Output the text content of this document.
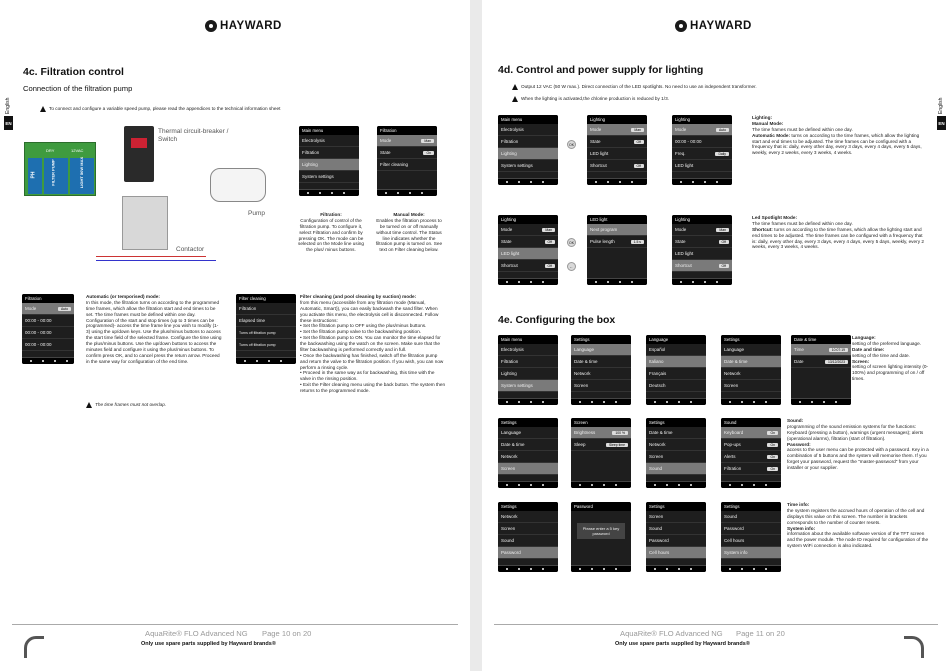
HAYWARD
English
EN
4c. Filtration control
Connection of the filtration pump
To connect and configure a variable speed pump, please read the appendices to the technical information sheet
PH
DRY	12VAC
FILTER PUMP	LIGHT 50W MAX
Thermal circuit-breaker / Switch
Contactor
Pump
Main menu
Electrolysis
Filtration
Lighting
System settings
Filtration
Mode	Man
State	On
Filter cleaning
Filtration:
Configuration of control of the filtration pump. To configure it, select Filtration and confirm by pressing OK. The mode can be selected on the Mode line using the plus/ minus buttons.
Manual Mode:
Enables the filtration process to be turned on or off manually without time control. The Status line indicates whether the filtration pump is turned on. See text on Filter cleaning below.
Filtration
Mode	Auto
00:00 - 00:00
00:00 - 00:00
00:00 - 00:00
Automatic (or temporised) mode:
In this mode, the filtration turns on according to the programmed time frames, which allow the filtration start and end times to be set. The time frames must be defined within one day. Configuration of the start and stop times (up to 3 times can be programmed)- access the time frame line you wish to modify (1-3) using the up/down keys. Use the plus/minus buttons to access the start time field of the selected frame. Configure the time using the plus/minus buttons. Use the up/down buttons to access the minutes field and configure it using the plus/minus buttons. To confirm press OK, and to cancel press the return arrow. Proceed in the same way for configuration of the end time.
The time frames must not overlap.
Filter cleaning
Filtration
Elapsed time
Turns off filtration pump
Turns off filtration pump
Filter cleaning (and pool cleaning by suction) mode:
from this menu (accessible from any filtration mode (Manual, Automatic, Smart)), you can easily backwash the sand filter. When you activate this menu, the electrolysis cell is disconnected. Follow these instructions:
• Set the filtration pump to OFF using the plus/minus buttons.
• Set the filtration pump valve to the backwashing position.
• Set the filtration pump to ON. You can monitor the time elapsed for the backwashing using the watch on the screen. Make sure that the filter backwashing is performed correctly and in full.
• Once the backwashing has finished, switch off the filtration pump and return the valve to the filtration position. If you wish, you can now perform a rinsing cycle.
• Proceed in the same way as for backwashing, this time with the valve in the rinsing position.
• Exit the Filter cleaning menu using the back button. The system then returns to the programmed mode.
AquaRite® FLO Advanced NG Page 10 on 20
Only use spare parts supplied by Hayward brands®
HAYWARD
English
EN
4d. Control and power supply for lighting
Output 12 VAC (50 W max.). Direct connection of the LED spotlights. No need to use an independent transformer.
When the lighting is activated,the chlorine production is reduced by 1/3.
Main menu
Electrolysis
Filtration
Lighting
System settings
OK
Lighting
Mode	Man
State	Off
LED light
Shortcut	Off
Lighting
Mode	Auto
00:00 - 00:00
Freq.	Daily
LED light
Lighting:
Manual Mode:
The time frames must be defined within one day.
Automatic Mode: turns on according to the time frames, which allow the lighting start and end times to be adjusted. The time frames can be configured with a frequency that is: daily, every other day, every 3 days, every 4 days, every 5 days, weekly, every 2 weeks, every 3 weeks, 4 weeks.
Lighting
Mode	Man
State	Off
LED light
Shortcut	Off
OK
←
LED light
Next program
Pulse length	1.5 s
Lighting
Mode	Man
State	Off
LED light
Shortcut	Off
Led Spotlight Mode:
The time frames must be defined within one day.
Shortcut: turns on according to the time frames, which allow the lighting start and end times to be adjusted. The time frames can be configured with a frequency that is: daily, every other day, every 3 days, every 4 days, every 5 days, weekly, every 2 weeks, every 3 weeks, 4 weeks.
4e. Configuring the box
Main menu
Electrolysis
Filtration
Lighting
System settings
Settings
Language
Date & time
Network
Screen
Language
Español
Italiano
Français
Deutsch
Settings
Language
Date & time
Network
Screen
Date & time
Time	10:07:19
Date	13/12/2023
Language:
setting of the preferred language.
Date and time:
setting of the time and date.
Screen:
setting of screen lighting intensity (0-100%) and programming of on / off times.
Settings
Language
Date & time
Network
Screen
Screen
Brightness	100 %
Sleep	Sleep time
Settings
Date & time
Network
Screen
Sound
Sound
Keyboard	On
Pop-ups	On
Alerts	On
Filtration	On
Sound:
programming of the sound emission systems for the functions: Keyboard (pressing a button), warnings (urgent messages); alerts (operational alarms), filtration (start of filtration).
Password:
access to the user menu can be protected with a password. Key in a combination of 5 buttons and the system will memorise them. If you forget your password, request the "master-password" from your installer or your supplier.
Settings
Network
Screen
Sound
Password
Password
Please enter a 5 key password
Settings
Screen
Sound
Password
Cell hours
Settings
Sound
Password
Cell hours
System info
Time info:
the system registers the accrued hours of operation of the cell and displays this value on this screen. The number in brackets corresponds to the number of counter resets.
System info:
information about the available software version of the TFT screen and the power module. The node ID required for configuration of the system WiFi connection is also indicated.
AquaRite® FLO Advanced NG Page 11 on 20
Only use spare parts supplied by Hayward brands®
